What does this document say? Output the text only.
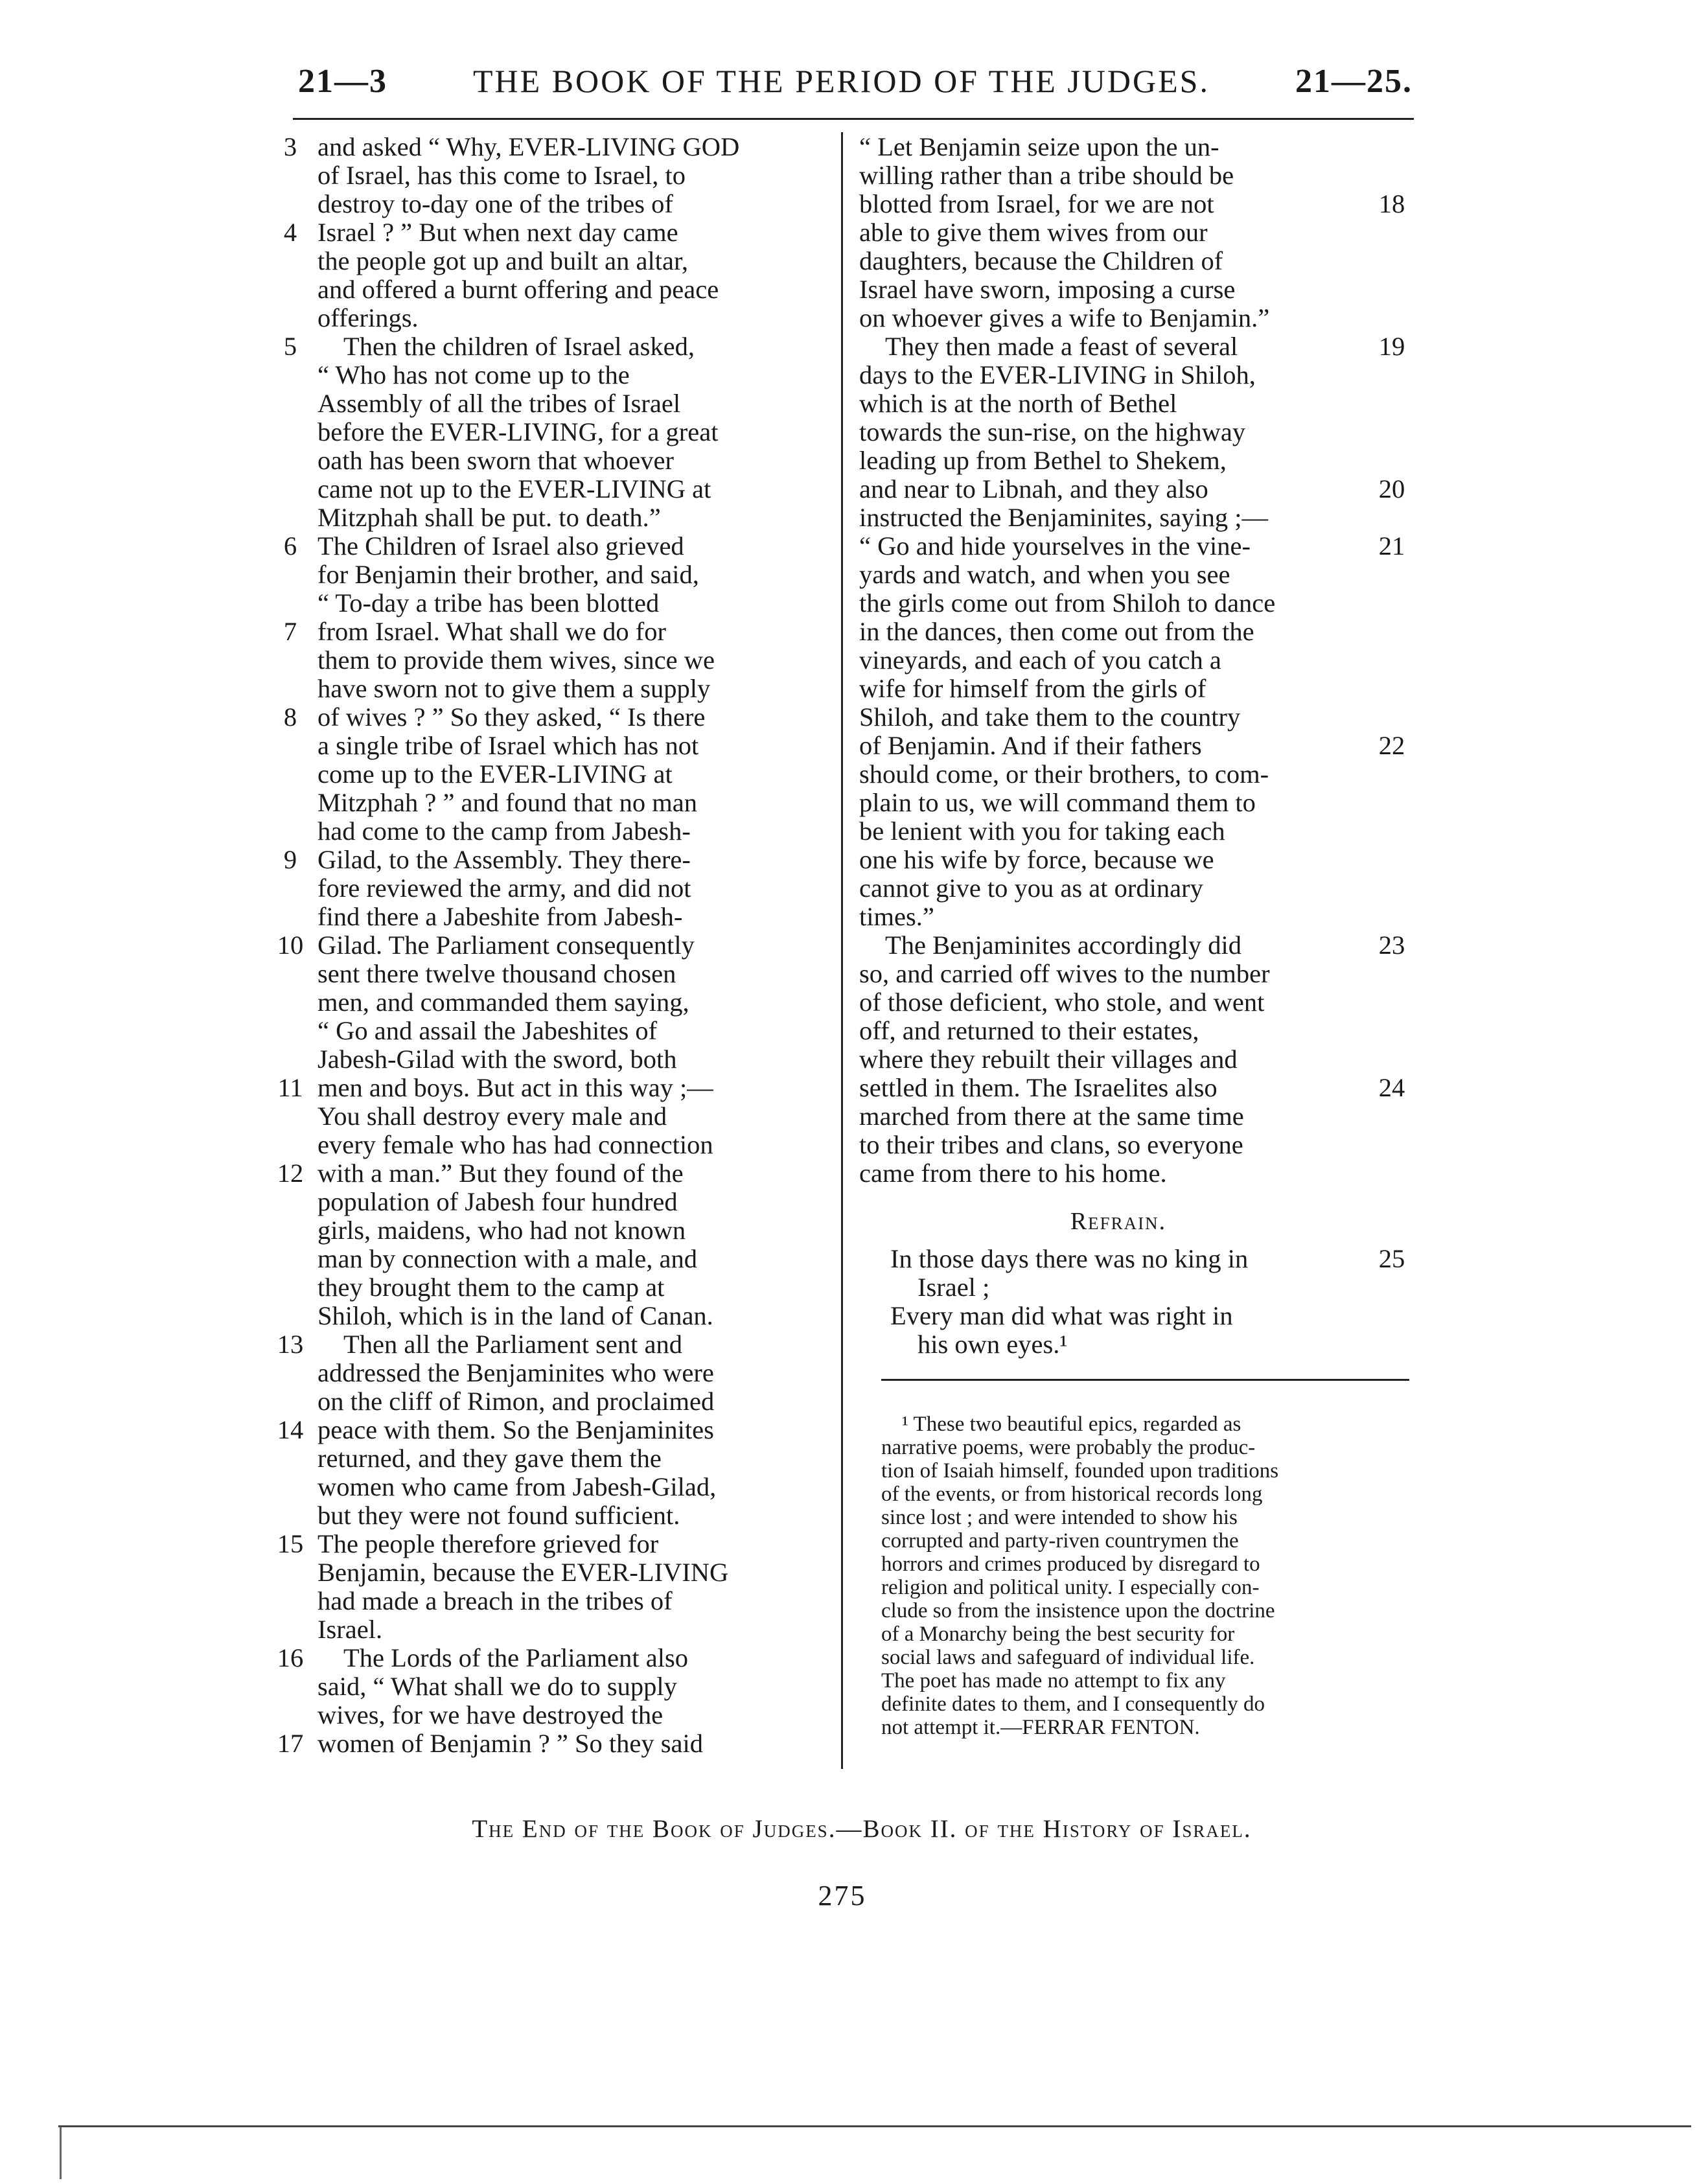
21—3	THE BOOK OF THE PERIOD OF THE JUDGES.	21—25.
3 and asked “ Why, EVER-LIVING GOD
of Israel, has this come to Israel, to
destroy to-day one of the tribes of
4 Israel ? ” But when next day came
the people got up and built an altar,
and offered a burnt offering and peace
offerings.
5	Then the children of Israel asked,
“ Who has not come up to the
Assembly of all the tribes of Israel
before the EVER-LIVING, for a great
oath has been sworn that whoever
came not up to the EVER-LIVING at
Mitzphah shall be put. to death.”
6 The Children of Israel also grieved
for Benjamin their brother, and said,
“ To-day a tribe has been blotted
7 from Israel. What shall we do for
them to provide them wives, since we
have sworn not to give them a supply
8 of wives ? ” So they asked, “ Is there
a single tribe of Israel which has not
come up to the EVER-LIVING at
Mitzphah ? ” and found that no man
had come to the camp from Jabesh-
9 Gilad, to the Assembly. They there-
fore reviewed the army, and did not
find there a Jabeshite from Jabesh-
10 Gilad. The Parliament consequently
sent there twelve thousand chosen
men, and commanded them saying,
“ Go and assail the Jabeshites of
Jabesh-Gilad with the sword, both
11 men and boys. But act in this way ;—
You shall destroy every male and
every female who has had connection
12 with a man.” But they found of the
population of Jabesh four hundred
girls, maidens, who had not known
man by connection with a male, and
they brought them to the camp at
Shiloh, which is in the land of Canan.
13 Then all the Parliament sent and
addressed the Benjaminites who were
on the cliff of Rimon, and proclaimed
14 peace with them. So the Benjaminites
returned, and they gave them the
women who came from Jabesh-Gilad,
but they were not found sufficient.
15 The people therefore grieved for
Benjamin, because the EVER-LIVING
had made a breach in the tribes of
Israel.
16 The Lords of the Parliament also
said, “ What shall we do to supply
wives, for we have destroyed the
17 women of Benjamin ? ” So they said
“ Let Benjamin seize upon the un-
willing rather than a tribe should be
18
blotted from Israel, for we are not
able to give them wives from our
daughters, because the Children of
Israel have sworn, imposing a curse
on whoever gives a wife to Benjamin.”
19
They then made a feast of several
days to the EVER-LIVING in Shiloh,
which is at the north of Bethel
towards the sun-rise, on the highway
leading up from Bethel to Shekem,
20
and near to Libnah, and they also
instructed the Benjaminites, saying ;—
21
“ Go and hide yourselves in the vine-
yards and watch, and when you see
the girls come out from Shiloh to dance
in the dances, then come out from the
vineyards, and each of you catch a
wife for himself from the girls of
Shiloh, and take them to the country
22
of Benjamin. And if their fathers
should come, or their brothers, to com-
plain to us, we will command them to
be lenient with you for taking each
one his wife by force, because we
cannot give to you as at ordinary
times.”
23
The Benjaminites accordingly did
so, and carried off wives to the number
of those deficient, who stole, and went
off, and returned to their estates,
where they rebuilt their villages and
24
settled in them. The Israelites also
marched from there at the same time
to their tribes and clans, so everyone
came from there to his home.
Refrain.
25
In those days there was no king in
Israel ;
Every man did what was right in
his own eyes.¹
¹ These two beautiful epics, regarded as
narrative poems, were probably the produc-
tion of Isaiah himself, founded upon traditions
of the events, or from historical records long
since lost ; and were intended to show his
corrupted and party-riven countrymen the
horrors and crimes produced by disregard to
religion and political unity. I especially con-
clude so from the insistence upon the doctrine
of a Monarchy being the best security for
social laws and safeguard of individual life.
The poet has made no attempt to fix any
definite dates to them, and I consequently do
not attempt it.—FERRAR FENTON.
The End of the Book of Judges.—Book II. of the History of Israel.
275
